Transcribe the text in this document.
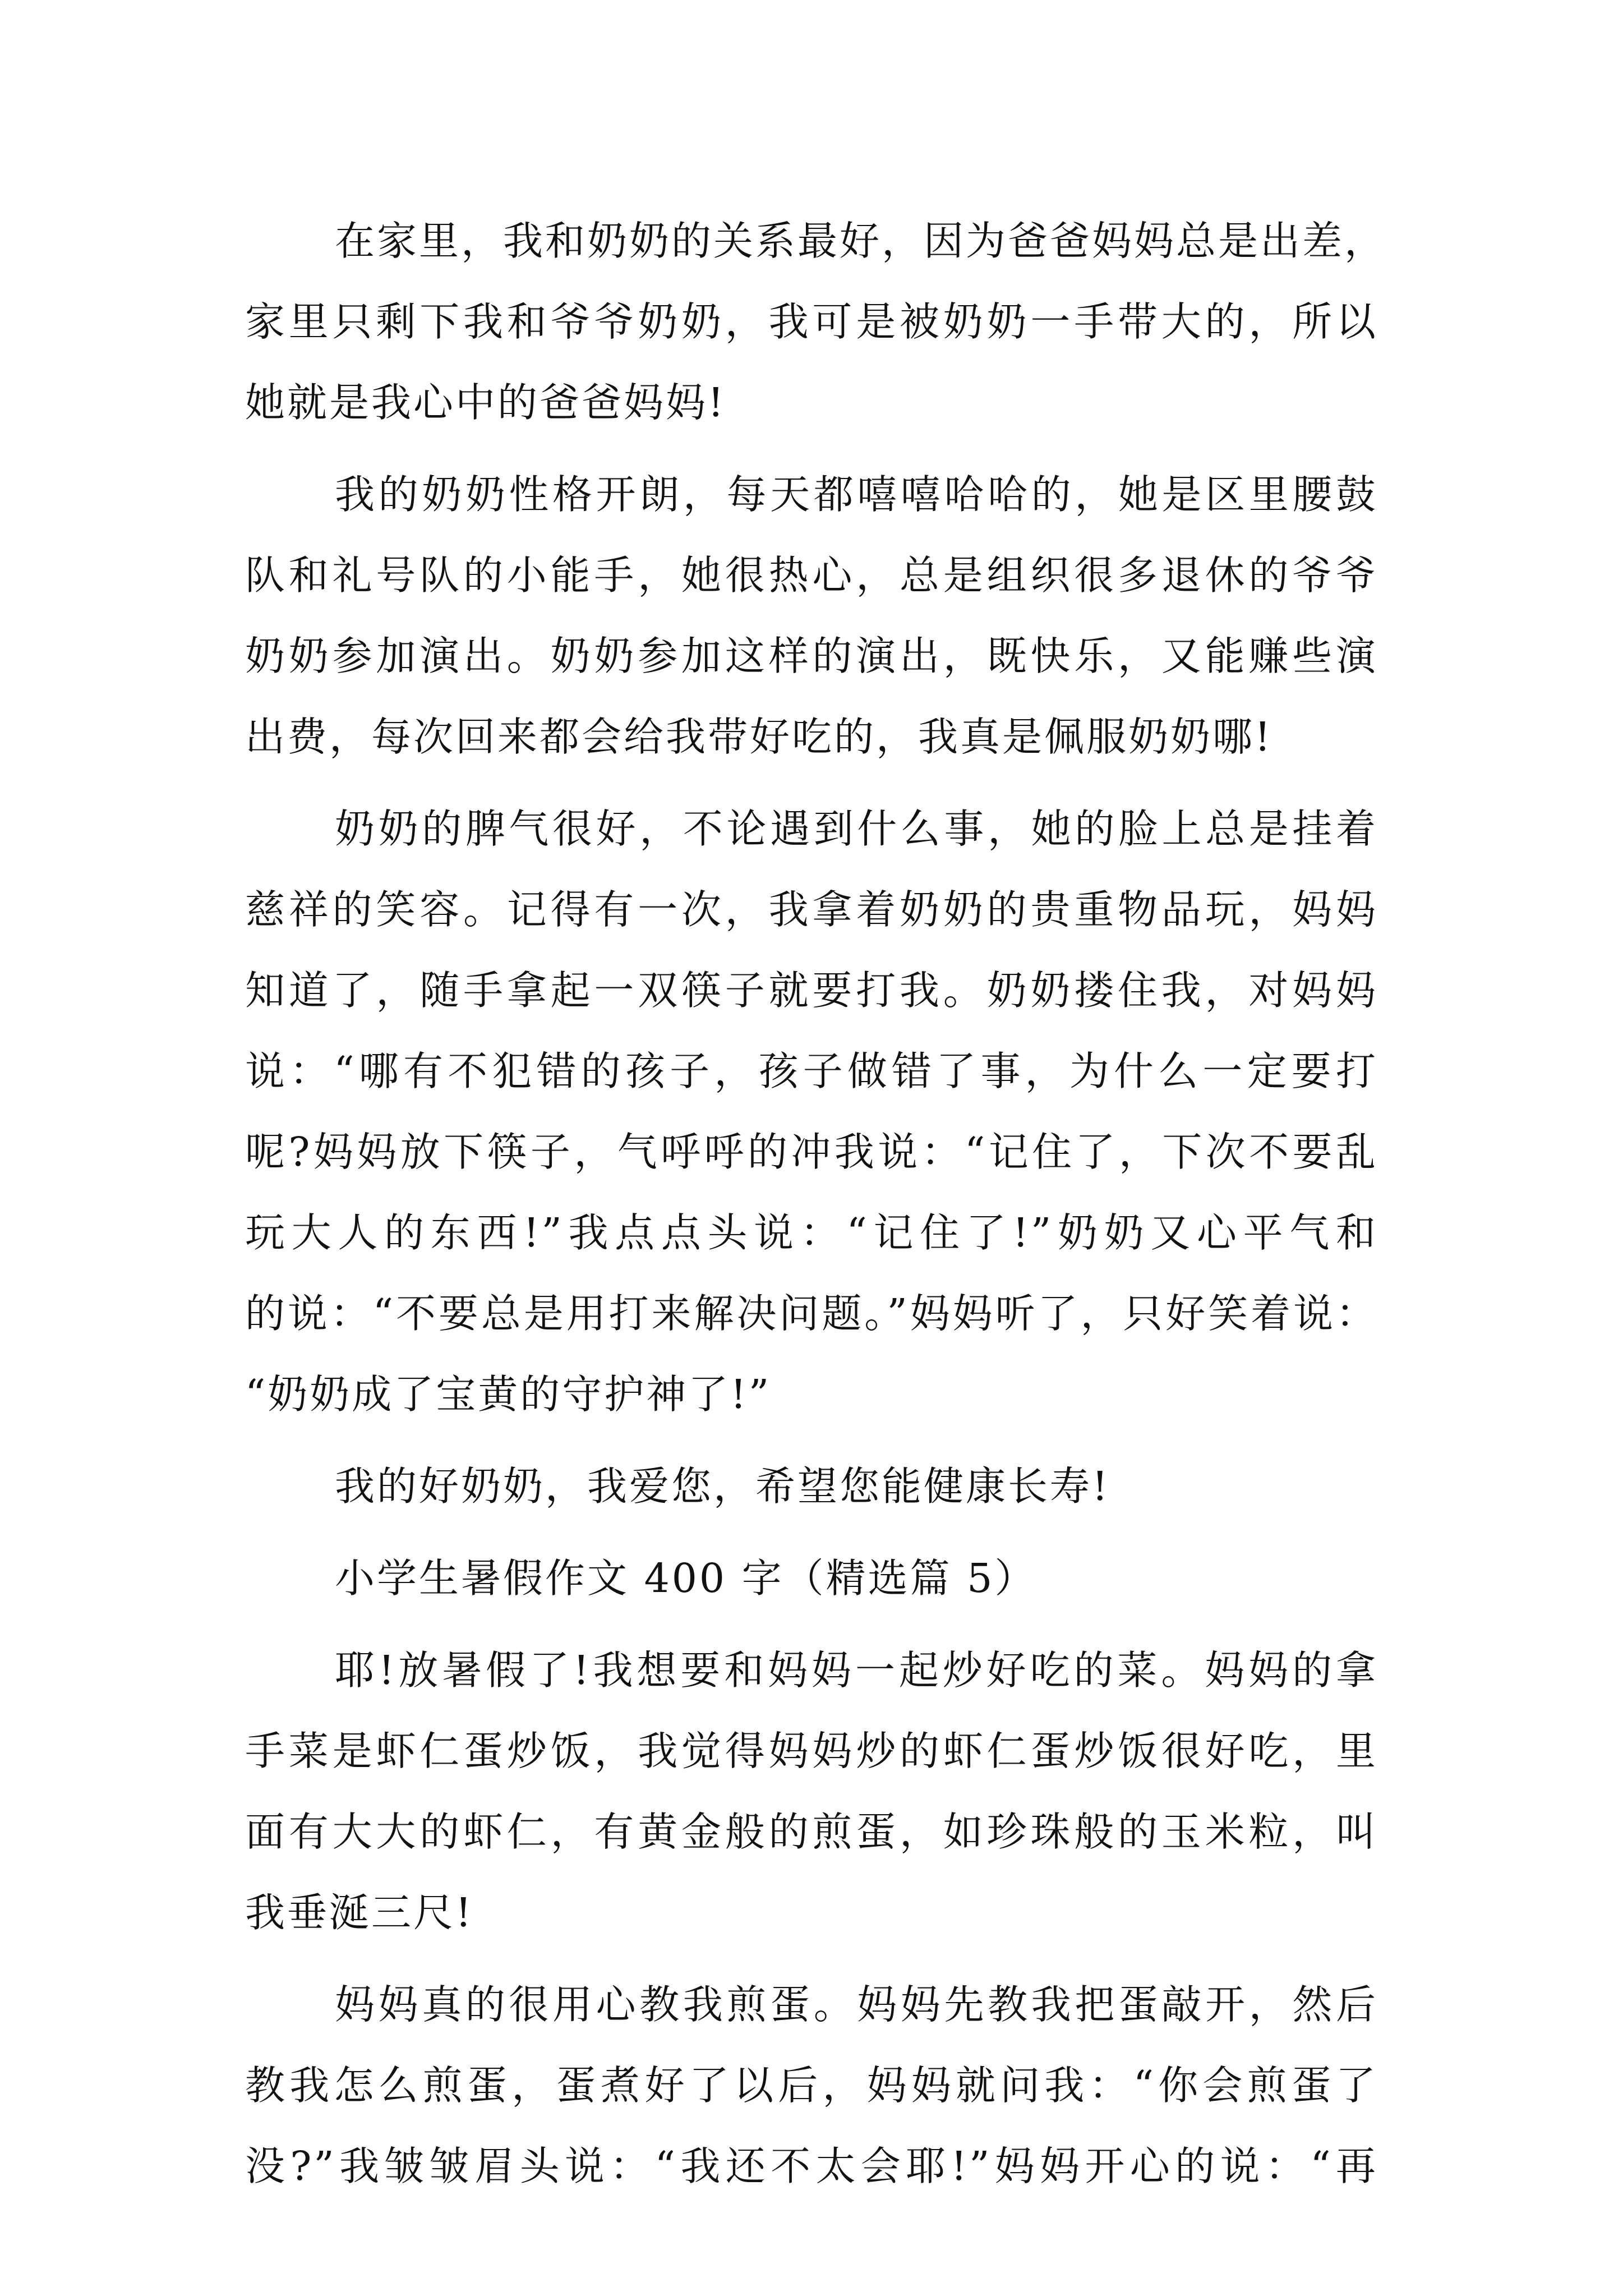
在家里，我和奶奶的关系最好，因为爸爸妈妈总是出差，
家里只剩下我和爷爷奶奶，我可是被奶奶一手带大的，所以
她就是我心中的爸爸妈妈!
我的奶奶性格开朗，每天都嘻嘻哈哈的，她是区里腰鼓
队和礼号队的小能手，她很热心，总是组织很多退休的爷爷
奶奶参加演出。奶奶参加这样的演出，既快乐，又能赚些演
出费，每次回来都会给我带好吃的，我真是佩服奶奶哪!
奶奶的脾气很好，不论遇到什么事，她的脸上总是挂着
慈祥的笑容。记得有一次，我拿着奶奶的贵重物品玩，妈妈
知道了，随手拿起一双筷子就要打我。奶奶搂住我，对妈妈
说：“哪有不犯错的孩子，孩子做错了事，为什么一定要打
呢?妈妈放下筷子，气呼呼的冲我说：“记住了，下次不要乱
玩大人的东西!”我点点头说：“记住了!”奶奶又心平气和
的说：“不要总是用打来解决问题。”妈妈听了，只好笑着说：
“奶奶成了宝黄的守护神了!”
我的好奶奶，我爱您，希望您能健康长寿!
小学生暑假作文 400 字（精选篇 5）
耶!放暑假了!我想要和妈妈一起炒好吃的菜。妈妈的拿
手菜是虾仁蛋炒饭，我觉得妈妈炒的虾仁蛋炒饭很好吃，里
面有大大的虾仁，有黄金般的煎蛋，如珍珠般的玉米粒，叫
我垂涎三尺!
妈妈真的很用心教我煎蛋。妈妈先教我把蛋敲开，然后
教我怎么煎蛋，蛋煮好了以后，妈妈就问我：“你会煎蛋了
没?”我皱皱眉头说：“我还不太会耶!”妈妈开心的说：“再
